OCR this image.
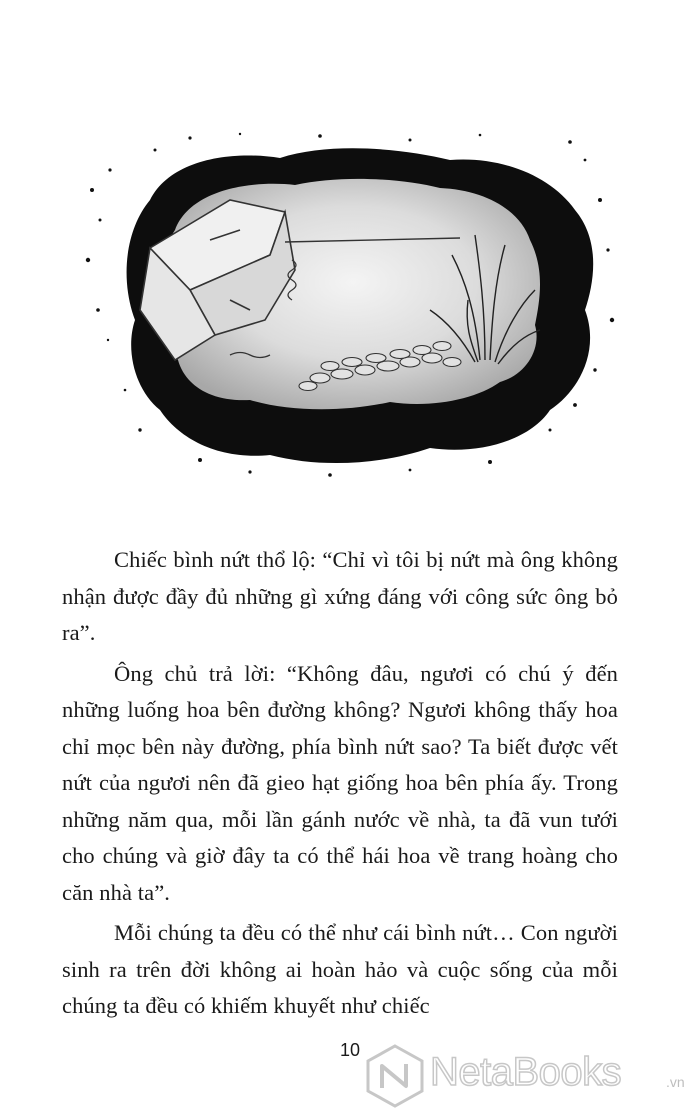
Chiếc bình nứt thổ lộ: “Chỉ vì tôi bị nứt mà ông không nhận được đầy đủ những gì xứng đáng với công sức ông bỏ ra”.

Ông chủ trả lời: “Không đâu, ngươi có chú ý đến những luống hoa bên đường không? Ngươi không thấy hoa chỉ mọc bên này đường, phía bình nứt sao? Ta biết được vết nứt của ngươi nên đã gieo hạt giống hoa bên phía ấy. Trong những năm qua, mỗi lần gánh nước về nhà, ta đã vun tưới cho chúng và giờ đây ta có thể hái hoa về trang hoàng cho căn nhà ta”.

Mỗi chúng ta đều có thể như cái bình nứt… Con người sinh ra trên đời không ai hoàn hảo và cuộc sống của mỗi chúng ta đều có khiếm khuyết như chiếc

10	NetaBooks	.vn
